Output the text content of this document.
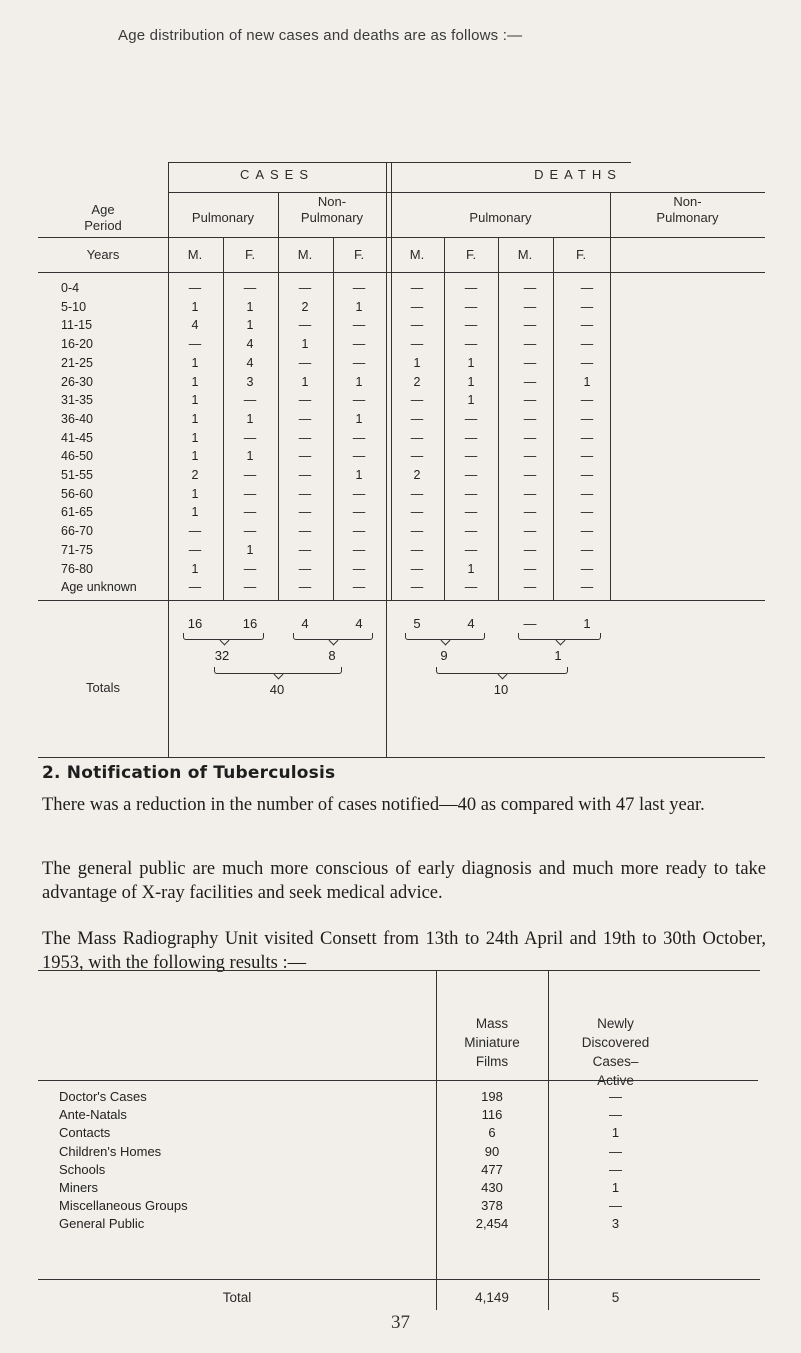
Age distribution of new cases and deaths are as follows :—
CASES	DEATHS
Age
Period
Pulmonary
Non-
Pulmonary	Pulmonary
Non-
Pulmonary
Years	M.	F.	M.	F.	M.	F.	M.	F.
0-4	—	—	—	—	—	—	—	—
5-10	1	1	2	1	—	—	—	—
11-15	4	1	—	—	—	—	—	—
16-20	—	4	1	—	—	—	—	—
21-25	1	4	—	—	1	1	—	—
26-30	1	3	1	1	2	1	—	1
31-35	1	—	—	—	—	1	—	—
36-40	1	1	—	1	—	—	—	—
41-45	1	—	—	—	—	—	—	—
46-50	1	1	—	—	—	—	—	—
51-55	2	—	—	1	2	—	—	—
56-60	1	—	—	—	—	—	—	—
61-65	1	—	—	—	—	—	—	—
66-70	—	—	—	—	—	—	—	—
71-75	—	1	—	—	—	—	—	—
76-80	1	—	—	—	—	1	—	—
Age unknown	—	—	—	—	—	—	—	—
Totals
16	16	4	4	5	4	—	1
32	8	9	1
40	10
2. Notification of Tuberculosis
There was a reduction in the number of cases notified—40 as compared with 47 last year.
The general public are much more conscious of early diagnosis and much more ready to take advantage of X-ray facilities and seek medical advice.
The Mass Radiography Unit visited Consett from 13th to 24th April and 19th to 30th October, 1953, with the following results :—
Mass
Miniature
Films
Newly
Discovered
Cases–
Active
Doctor's Cases	198	—
Ante-Natals	116	—
Contacts	6	1
Children's Homes	90	—
Schools	477	—
Miners	430	1
Miscellaneous Groups	378	—
General Public	2,454	3
Total	4,149	5
37
